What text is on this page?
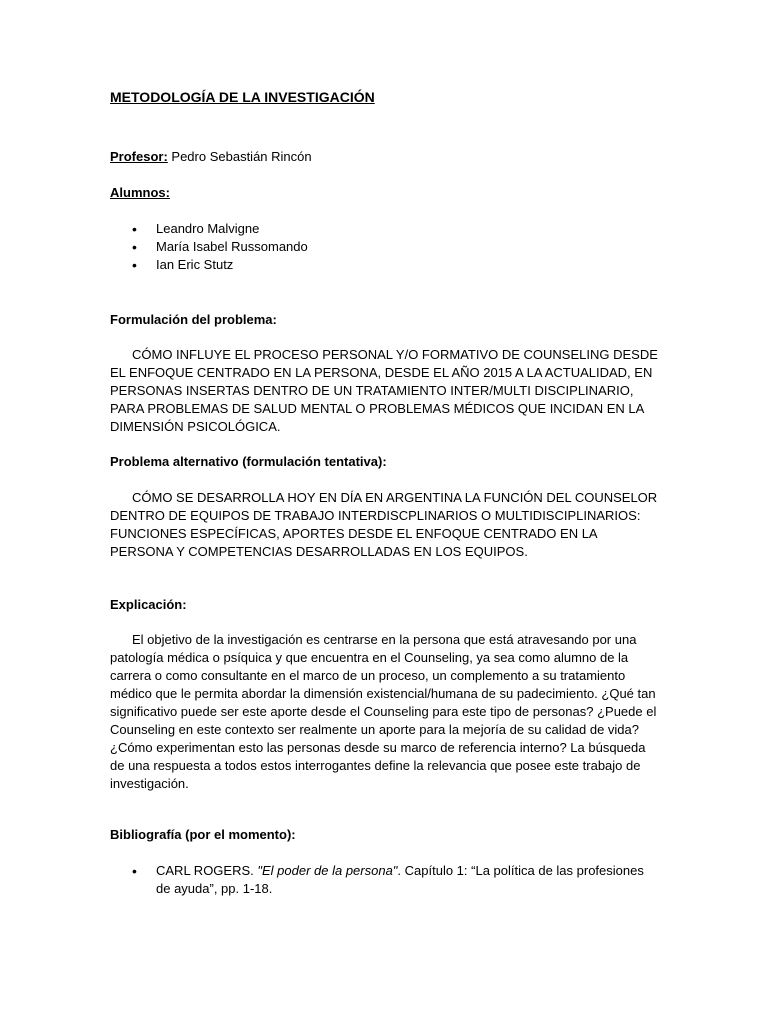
METODOLOGÍA DE LA INVESTIGACIÓN
Profesor: Pedro Sebastián Rincón
Alumnos:
• Leandro Malvigne
• María Isabel Russomando
• Ian Eric Stutz
Formulación del problema:

CÓMO INFLUYE EL PROCESO PERSONAL Y/O FORMATIVO DE COUNSELING DESDE EL ENFOQUE CENTRADO EN LA PERSONA, DESDE EL AÑO 2015 A LA ACTUALIDAD, EN PERSONAS INSERTAS DENTRO DE UN TRATAMIENTO INTER/MULTI DISCIPLINARIO, PARA PROBLEMAS DE SALUD MENTAL O PROBLEMAS MÉDICOS QUE INCIDAN EN LA DIMENSIÓN PSICOLÓGICA.

Problema alternativo (formulación tentativa):

CÓMO SE DESARROLLA HOY EN DÍA EN ARGENTINA LA FUNCIÓN DEL COUNSELOR DENTRO DE EQUIPOS DE TRABAJO INTERDISCPLINARIOS O MULTIDISCIPLINARIOS: FUNCIONES ESPECÍFICAS, APORTES DESDE EL ENFOQUE CENTRADO EN LA PERSONA Y COMPETENCIAS DESARROLLADAS EN LOS EQUIPOS.

Explicación:

El objetivo de la investigación es centrarse en la persona que está atravesando por una patología médica o psíquica y que encuentra en el Counseling, ya sea como alumno de la carrera o como consultante en el marco de un proceso, un complemento a su tratamiento médico que le permita abordar la dimensión existencial/humana de su padecimiento. ¿Qué tan significativo puede ser este aporte desde el Counseling para este tipo de personas? ¿Puede el Counseling en este contexto ser realmente un aporte para la mejoría de su calidad de vida? ¿Cómo experimentan esto las personas desde su marco de referencia interno? La búsqueda de una respuesta a todos estos interrogantes define la relevancia que posee este trabajo de investigación.

Bibliografía (por el momento):
• CARL ROGERS. "El poder de la persona". Capítulo 1: “La política de las profesiones de ayuda”, pp. 1-18.
